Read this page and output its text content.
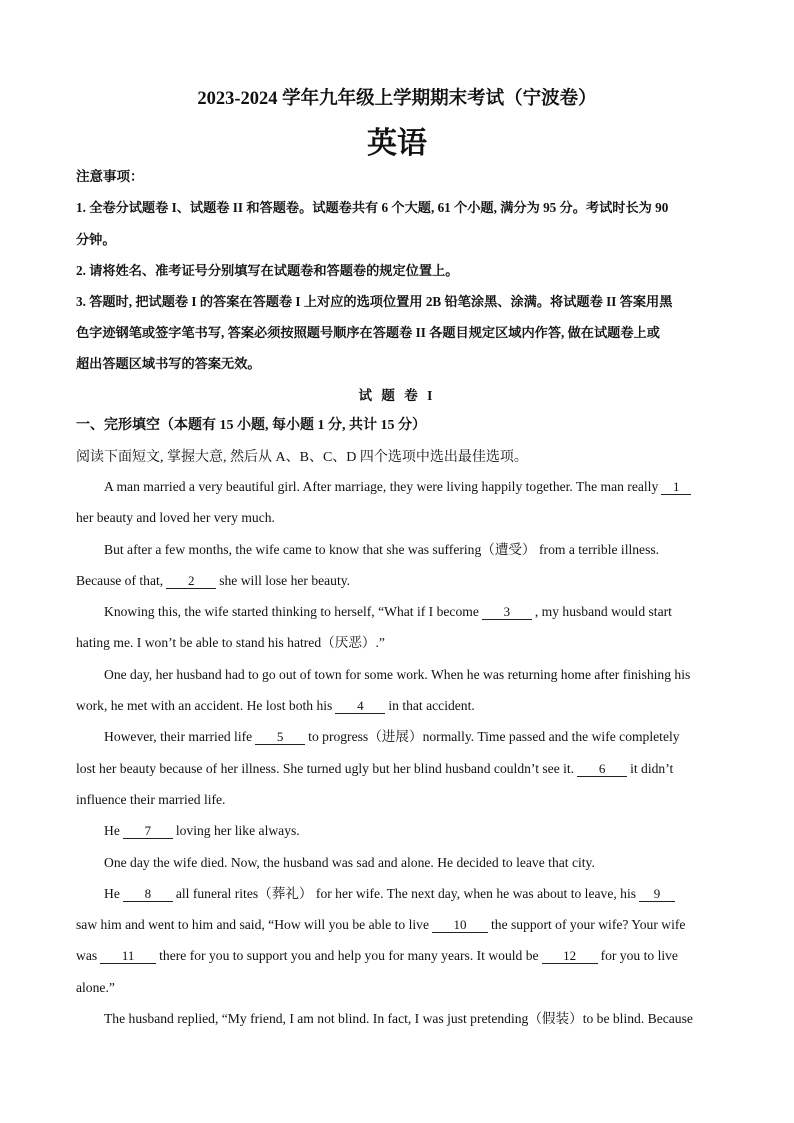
2023-2024 学年九年级上学期期末考试（宁波卷）
英语
注意事项：
1. 全卷分试题卷 I、试题卷 II 和答题卷。试题卷共有 6 个大题, 61 个小题, 满分为 95 分。考试时长为 90
分钟。
2. 请将姓名、准考证号分别填写在试题卷和答题卷的规定位置上。
3. 答题时, 把试题卷 I 的答案在答题卷 I 上对应的选项位置用 2B 铅笔涂黑、涂满。将试题卷 II 答案用黑
色字迹钢笔或签字笔书写, 答案必须按照题号顺序在答题卷 II 各题目规定区域内作答, 做在试题卷上或
超出答题区域书写的答案无效。
试 题 卷 I
一、完形填空（本题有 15 小题, 每小题 1 分, 共计 15 分）
阅读下面短文, 掌握大意, 然后从 A、B、C、D 四个选项中选出最佳选项。
A man married a very beautiful girl. After marriage, they were living happily together. The man really 1
her beauty and loved her very much.
But after a few months, the wife came to know that she was suffering（遭受） from a terrible illness.
Because of that, 2 she will lose her beauty.
Knowing this, the wife started thinking to herself, “What if I become 3 , my husband would start
hating me. I won’t be able to stand his hatred（厌恶）.”
One day, her husband had to go out of town for some work. When he was returning home after finishing his
work, he met with an accident. He lost both his 4 in that accident.
However, their married life 5 to progress（进展）normally. Time passed and the wife completely
lost her beauty because of her illness. She turned ugly but her blind husband couldn’t see it. 6 it didn’t
influence their married life.
He 7 loving her like always.
One day the wife died. Now, the husband was sad and alone. He decided to leave that city.
He 8 all funeral rites（葬礼） for her wife. The next day, when he was about to leave, his 9
saw him and went to him and said, “How will you be able to live 10 the support of your wife? Your wife
was 11 there for you to support you and help you for many years. It would be 12 for you to live
alone.”
The husband replied, “My friend, I am not blind. In fact, I was just pretending（假装）to be blind. Because
